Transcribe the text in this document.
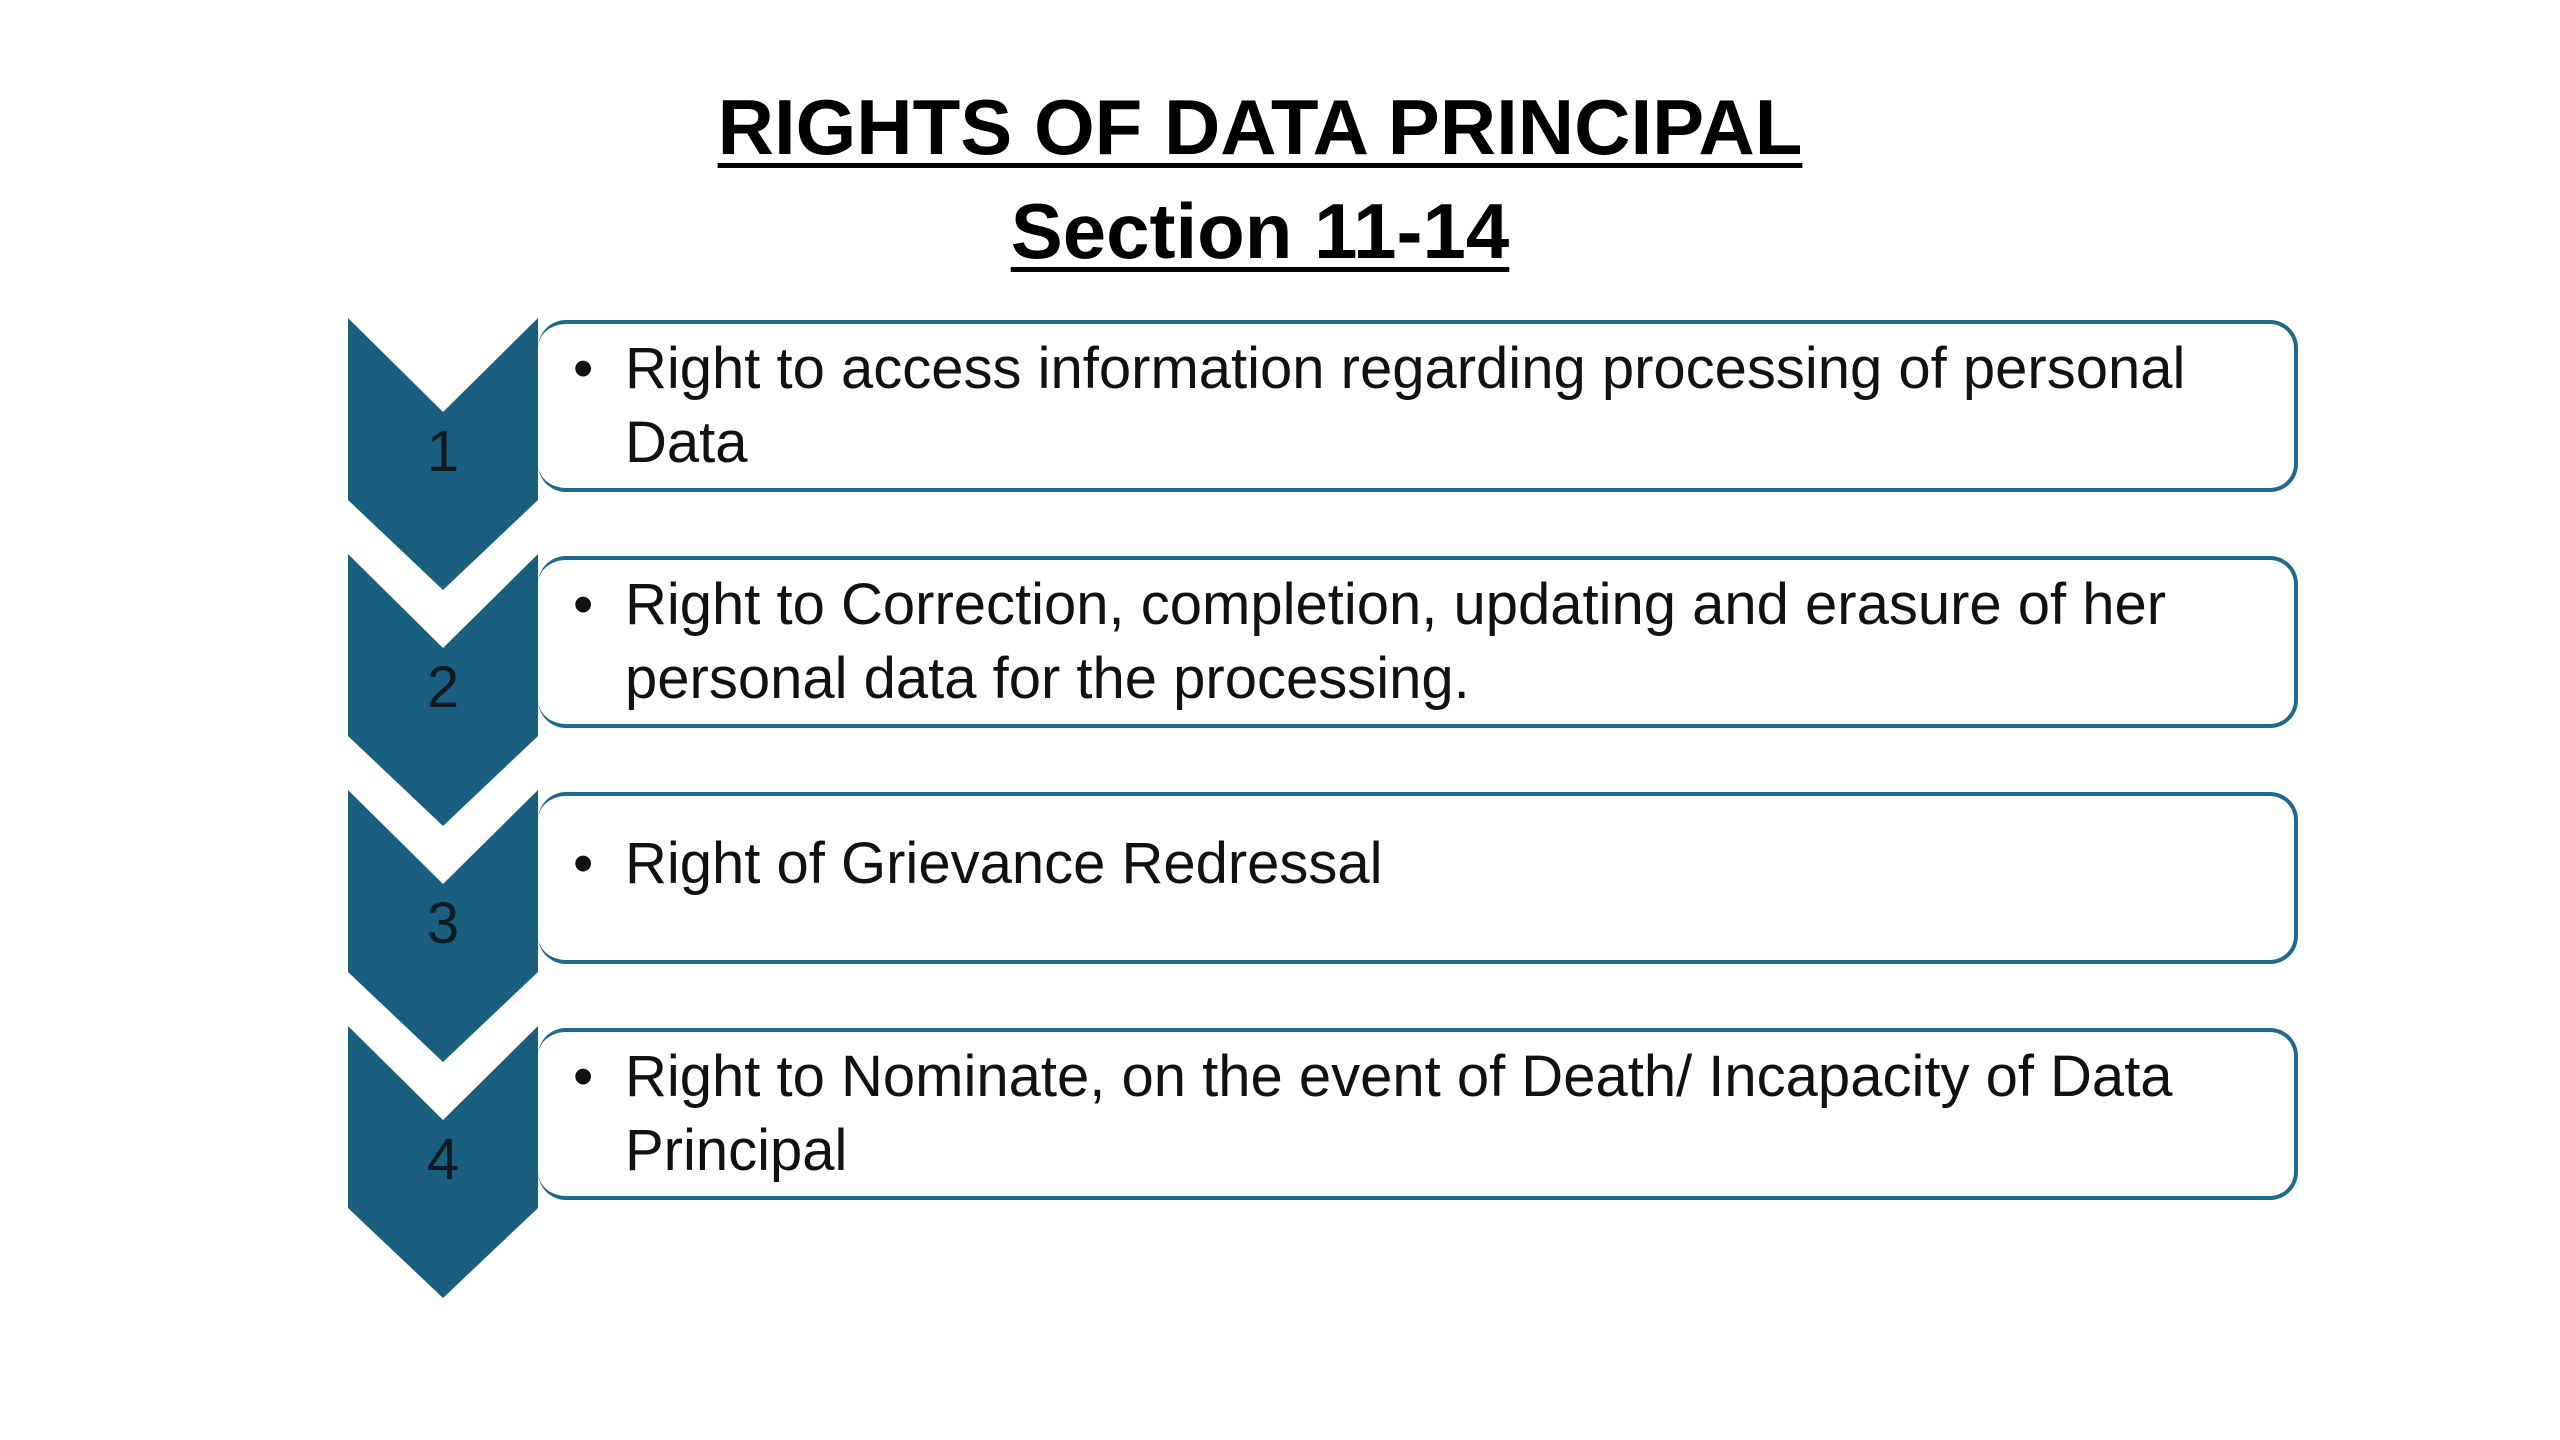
RIGHTS OF DATA PRINCIPAL
Section 11-14
1
2
3
4
• Right to access information regarding processing of personal Data
• Right to Correction, completion, updating and erasure of her personal data for the processing.
• Right of Grievance Redressal
• Right to Nominate, on the event of Death/ Incapacity of Data Principal
